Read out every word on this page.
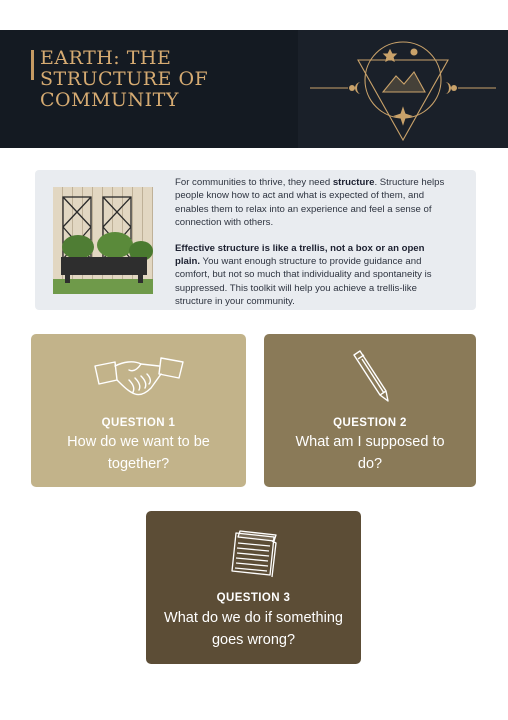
EARTH: THE STRUCTURE OF COMMUNITY

For communities to thrive, they need structure. Structure helps people know how to act and what is expected of them, and enables them to relax into an experience and feel a sense of connection with others.

Effective structure is like a trellis, not a box or an open plain. You want enough structure to provide guidance and comfort, but not so much that individuality and spontaneity is suppressed. This toolkit will help you achieve a trellis-like structure in your community.

QUESTION 1
How do we want to be together?
QUESTION 2
What am I supposed to do?
QUESTION 3
What do we do if something goes wrong?
